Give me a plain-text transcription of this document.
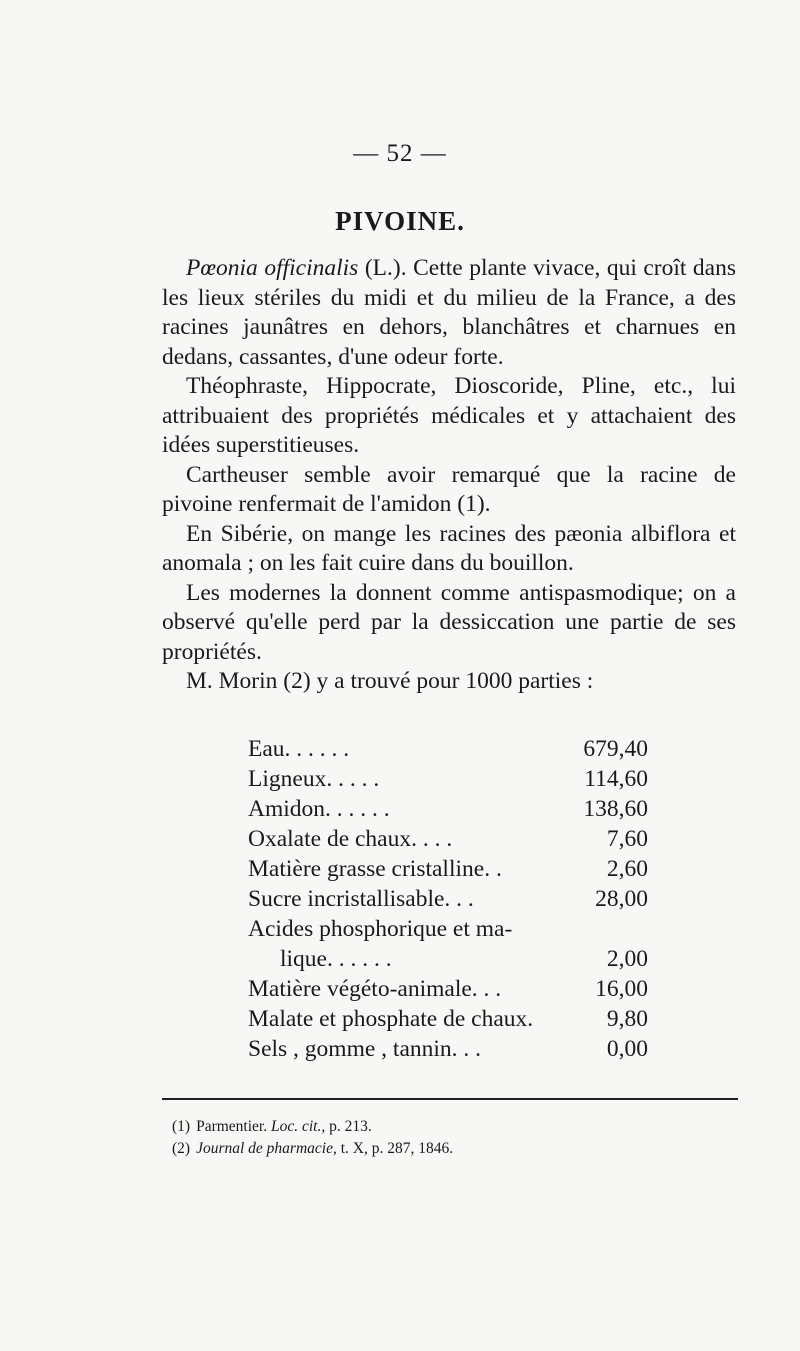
— 52 —
PIVOINE.

Pœonia officinalis (L.). Cette plante vivace, qui croît dans les lieux stériles du midi et du milieu de la France, a des racines jaunâtres en dehors, blanchâtres et charnues en dedans, cassantes, d'une odeur forte.

Théophraste, Hippocrate, Dioscoride, Pline, etc., lui attribuaient des propriétés médicales et y attachaient des idées superstitieuses.

Cartheuser semble avoir remarqué que la racine de pivoine renfermait de l'amidon (1).

En Sibérie, on mange les racines des pæonia albiflora et anomala ; on les fait cuire dans du bouillon.

Les modernes la donnent comme antispasmodique; on a observé qu'elle perd par la dessiccation une partie de ses propriétés.

M. Morin (2) y a trouvé pour 1000 parties :

Eau. . . . . .	679,40
Ligneux. . . . .	114,60
Amidon. . . . . .	138,60
Oxalate de chaux. . . .	7,60
Matière grasse cristalline. .	2,60
Sucre incristallisable. . .	28,00
Acides phosphorique et ma-
lique. . . . . .	2,00
Matière végéto-animale. . .	16,00
Malate et phosphate de chaux.	9,80
Sels , gomme , tannin. . .	0,00

(1) Parmentier. Loc. cit., p. 213.

(2) Journal de pharmacie, t. X, p. 287, 1846.
